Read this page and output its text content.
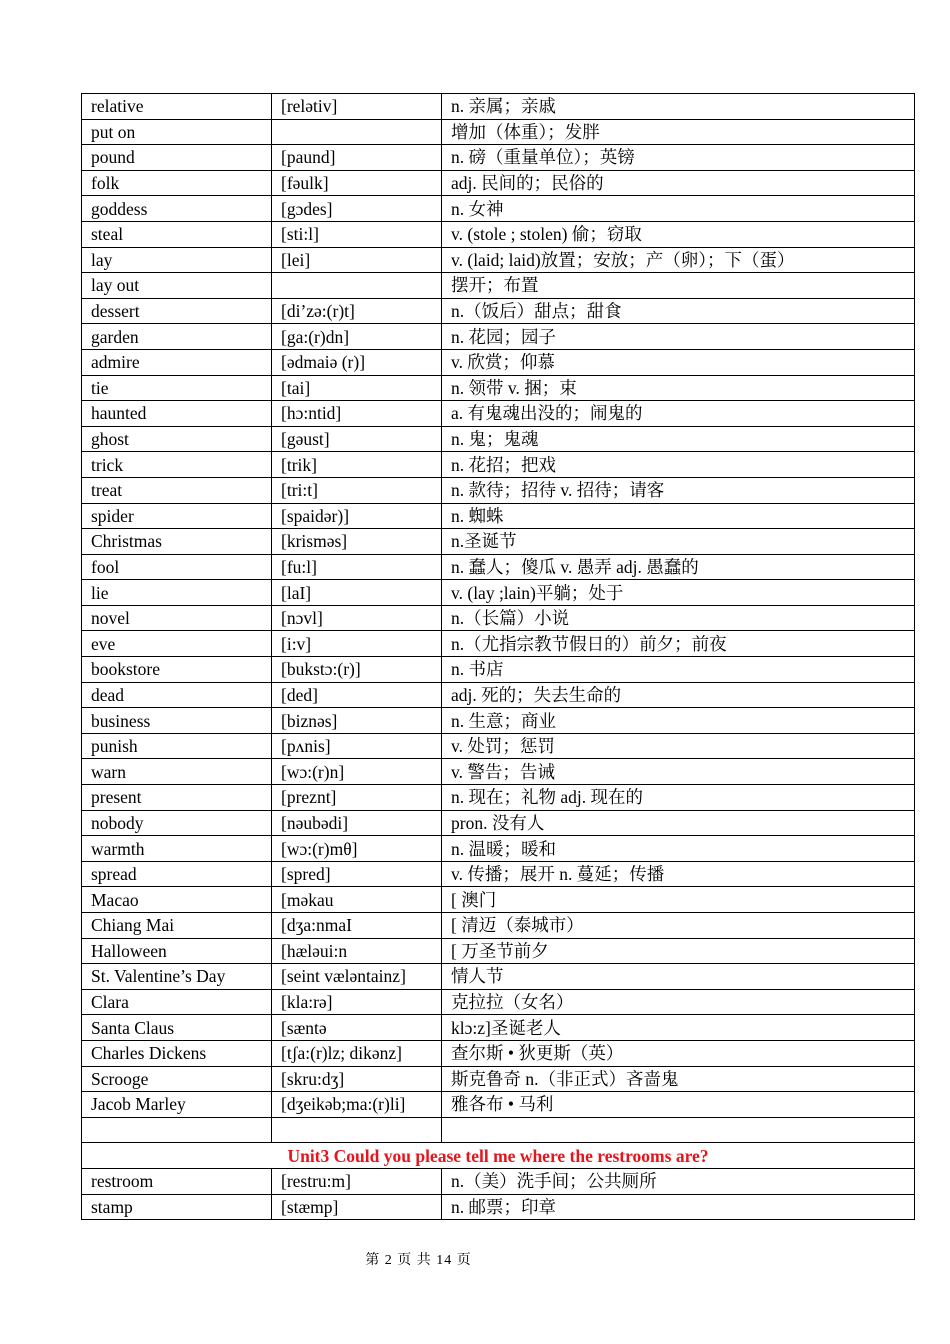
relative	[relətiv]	n. 亲属；亲戚
put on		增加（体重）；发胖
pound	[paund]	n. 磅（重量单位）；英镑
folk	[fəulk]	adj. 民间的；民俗的
goddess	[gɔdes]	n. 女神
steal	[sti:l]	v. (stole ; stolen) 偷；窃取
lay	[lei]	v. (laid; laid)放置；安放；产（卵）；下（蛋）
lay out		摆开；布置
dessert	[di’zə:(r)t]	n.（饭后）甜点；甜食
garden	[ga:(r)dn]	n. 花园；园子
admire	[ədmaiə (r)]	v. 欣赏；仰慕
tie	[tai]	n. 领带 v. 捆；束
haunted	[hɔ:ntid]	a. 有鬼魂出没的；闹鬼的
ghost	[gəust]	n. 鬼；鬼魂
trick	[trik]	n. 花招；把戏
treat	[tri:t]	n. 款待；招待 v. 招待；请客
spider	[spaidər)]	n. 蜘蛛
Christmas	[krisməs]	n.圣诞节
fool	[fu:l]	n. 蠢人；傻瓜 v. 愚弄 adj. 愚蠢的
lie	[laI]	v. (lay ;lain)平躺；处于
novel	[nɔvl]	n.（长篇）小说
eve	[i:v]	n.（尤指宗教节假日的）前夕；前夜
bookstore	[bukstɔ:(r)]	n. 书店
dead	[ded]	adj. 死的；失去生命的
business	[biznəs]	n. 生意；商业
punish	[pʌnis]	v. 处罚；惩罚
warn	[wɔ:(r)n]	v. 警告；告诫
present	[preznt]	n. 现在；礼物 adj. 现在的
nobody	[nəubədi]	pron. 没有人
warmth	[wɔ:(r)mθ]	n. 温暖；暖和
spread	[spred]	v. 传播；展开 n. 蔓延；传播
Macao	[məkau	[ 澳门
Chiang Mai	[dʒa:nmaI	[ 清迈（泰城市）
Halloween	[hæləui:n	[ 万圣节前夕
St. Valentine’s Day	[seint væləntainz]	情人节
Clara	[kla:rə]	克拉拉（女名）
Santa Claus	[sæntə	klɔ:z]圣诞老人
Charles Dickens	[tʃa:(r)lz; dikənz]	查尔斯 • 狄更斯（英）
Scrooge	[skru:dʒ]	斯克鲁奇 n.（非正式）吝啬鬼
Jacob Marley	[dʒeikəb;ma:(r)li]	雅各布 • 马利

Unit3 Could you please tell me where the restrooms are?		
restroom	[restru:m]	n.（美）洗手间；公共厕所
stamp	[stæmp]	n. 邮票；印章
第 2 页 共 14 页
